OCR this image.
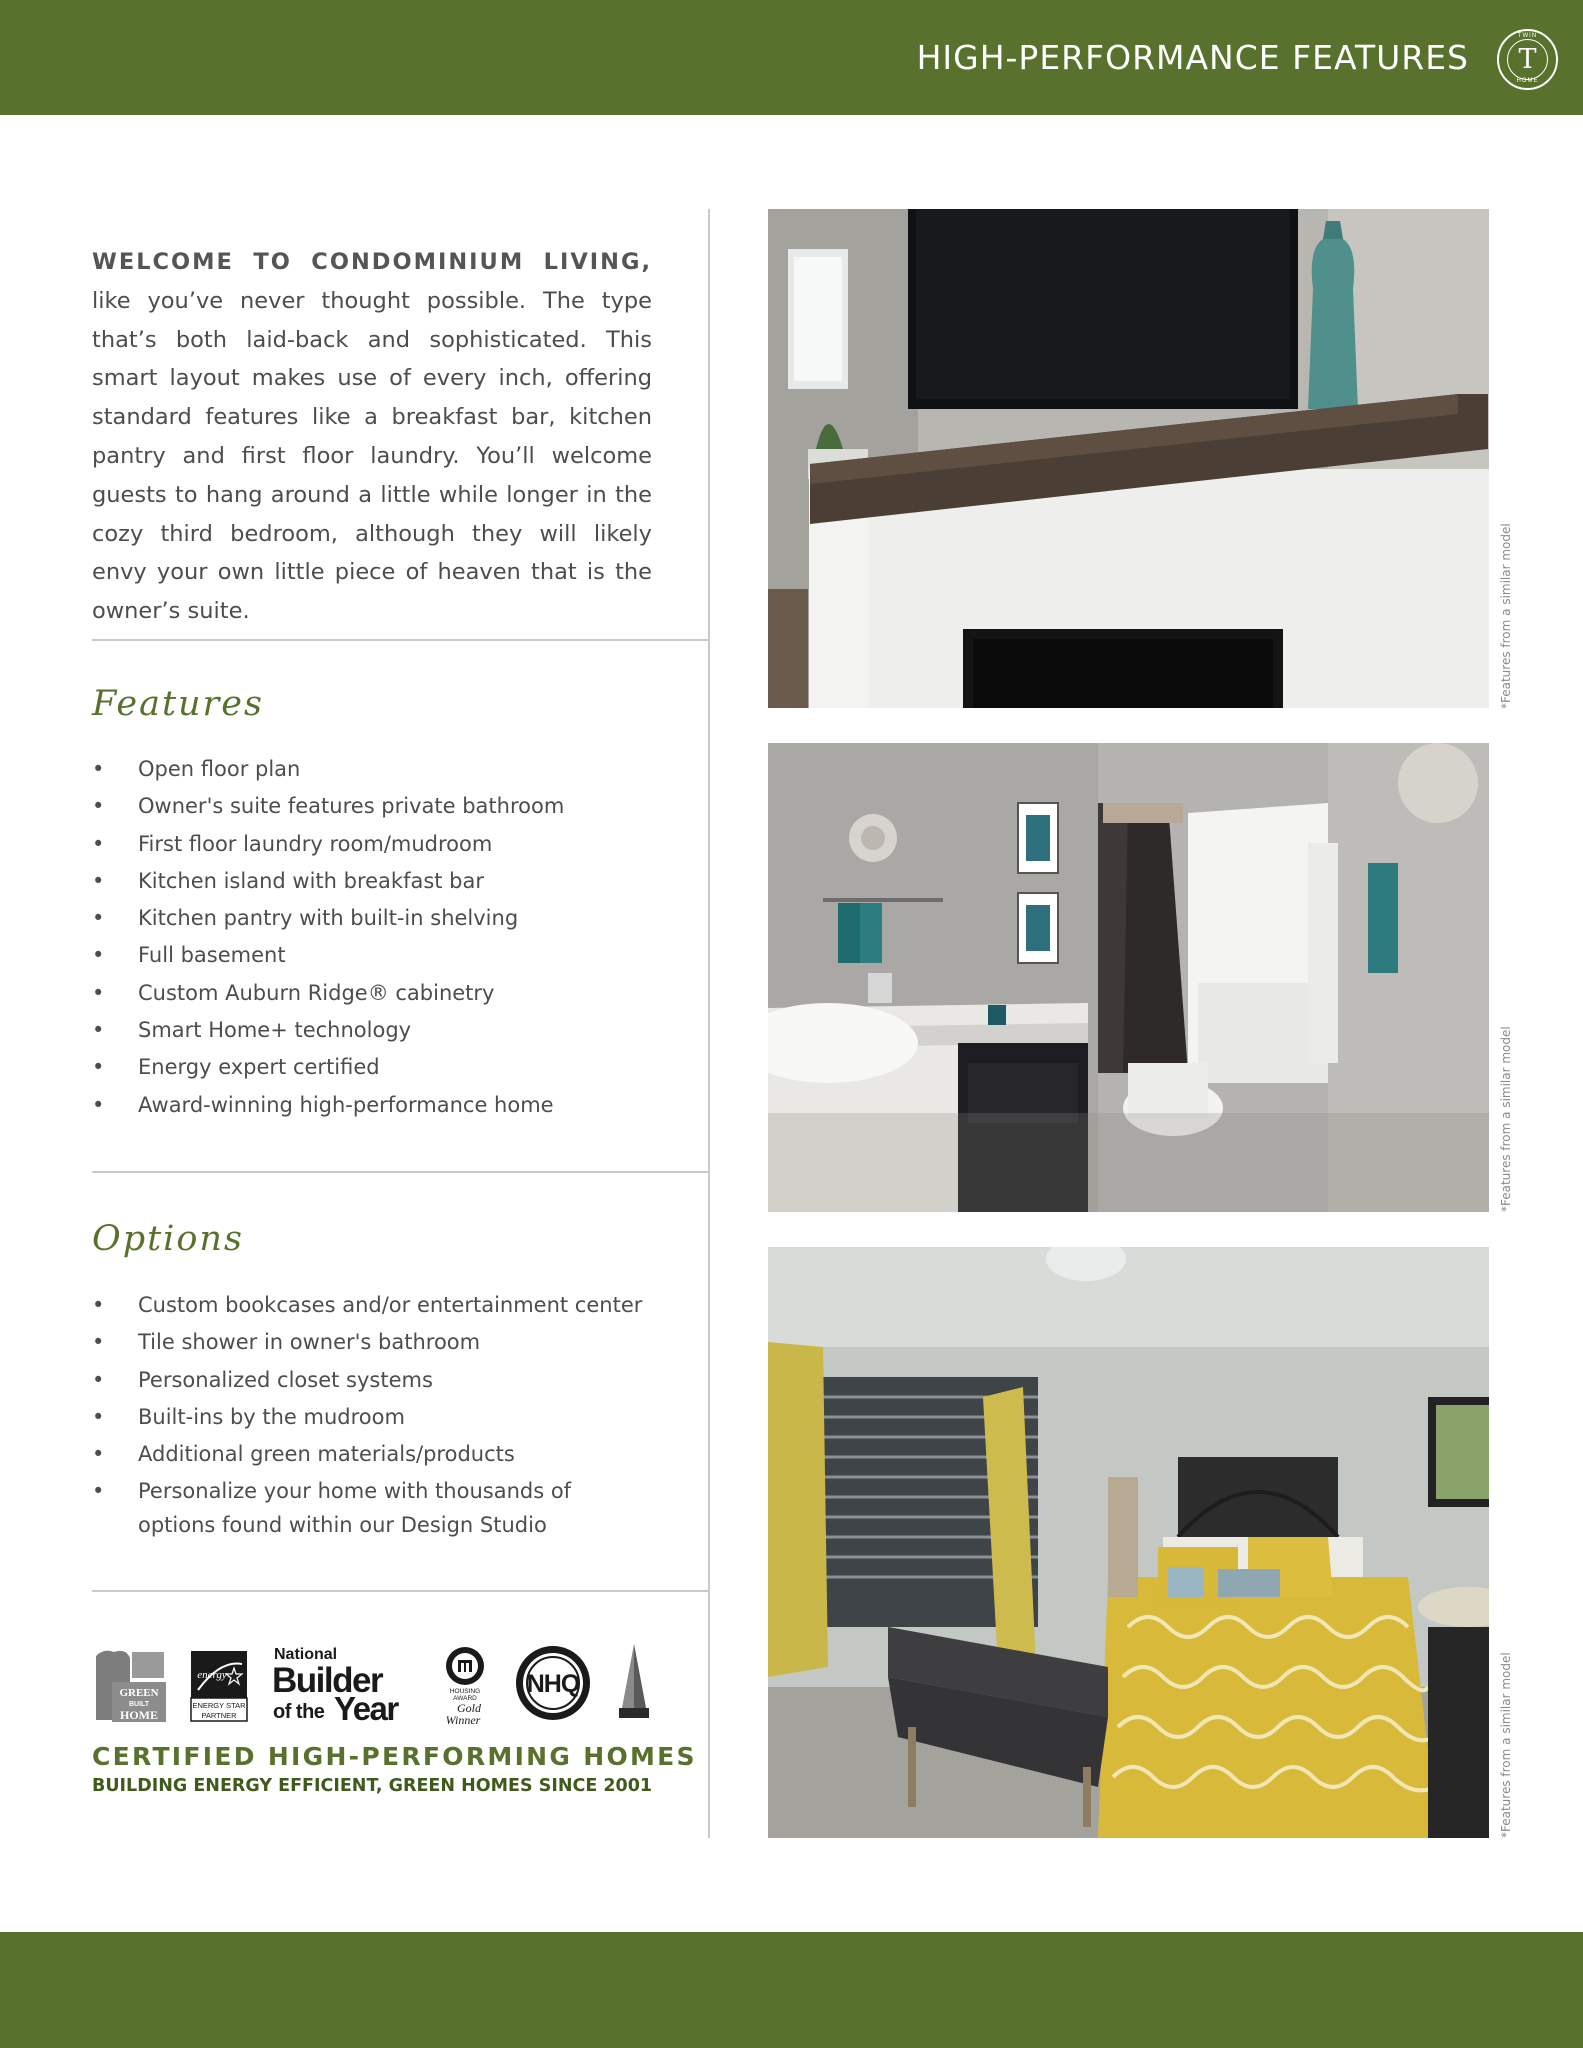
HIGH-PERFORMANCE FEATURES
TWIN
T
HOME
WELCOME TO CONDOMINIUM LIVING, like you’ve never thought possible. The type that’s both laid-back and sophisticated. This smart layout makes use of every inch, offering standard features like a breakfast bar, kitchen pantry and first floor laundry. You’ll welcome guests to hang around a little while longer in the cozy third bedroom, although they will likely envy your own little piece of heaven that is the owner’s suite.
Features
• Open floor plan
• Owner's suite features private bathroom
• First floor laundry room/mudroom
• Kitchen island with breakfast bar
• Kitchen pantry with built-in shelving
• Full basement
• Custom Auburn Ridge® cabinetry
• Smart Home+ technology
• Energy expert certified
• Award-winning high-performance home
Options
• Custom bookcases and/or entertainment center
• Tile shower in owner's bathroom
• Personalized closet systems
• Built-ins by the mudroom
• Additional green materials/products
• Personalize your home with thousands of options found within our Design Studio
GREEN
BUILT
HOME
energy
ENERGY STAR
PARTNER
National
Builder
of the Year	HOUSING
AWARD
Gold
Winner
NHQ
CERTIFIED HIGH-PERFORMING HOMES
BUILDING ENERGY EFFICIENT, GREEN HOMES SINCE 2001
*Features from a similar model
*Features from a similar model
*Features from a similar model
